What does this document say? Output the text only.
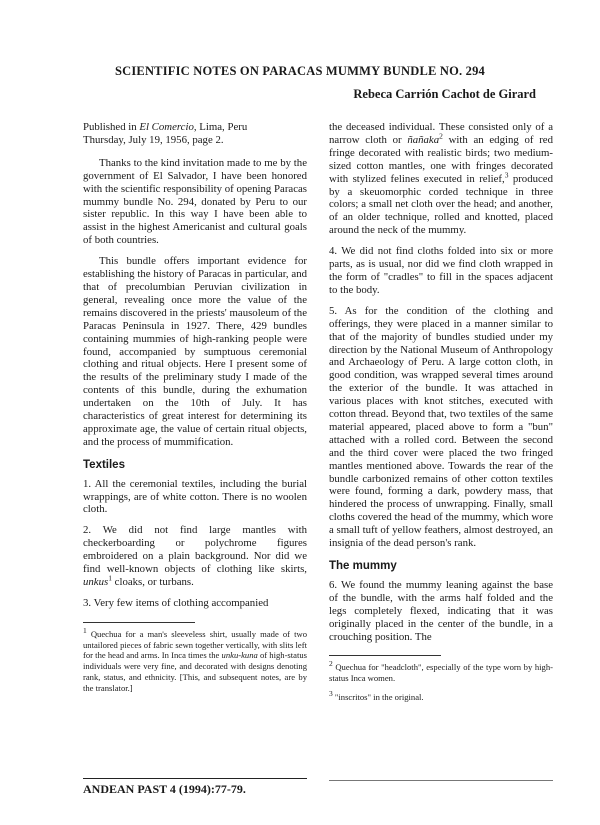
SCIENTIFIC NOTES ON PARACAS MUMMY BUNDLE NO. 294
Rebeca Carrión Cachot de Girard
Published in El Comercio, Lima, Peru
Thursday, July 19, 1956, page 2.

Thanks to the kind invitation made to me by the government of El Salvador, I have been honored with the scientific responsibility of opening Paracas mummy bundle No. 294, donated by Peru to our sister republic. In this way I have been able to assist in the highest Americanist and cultural goals of both countries.

This bundle offers important evidence for establishing the history of Paracas in particular, and that of precolumbian Peruvian civilization in general, revealing once more the value of the remains discovered in the priests' mausoleum of the Paracas Peninsula in 1927. There, 429 bundles containing mummies of high-ranking people were found, accompanied by sumptuous ceremonial clothing and ritual objects. Here I present some of the results of the preliminary study I made of the contents of this bundle, during the exhumation undertaken on the 10th of July. It has characteristics of great interest for determining its approximate age, the value of certain ritual objects, and the process of mummification.

Textiles

1. All the ceremonial textiles, including the burial wrappings, are of white cotton. There is no woolen cloth.

2. We did not find large mantles with checkerboarding or polychrome figures embroidered on a plain background. Nor did we find well-known objects of clothing like skirts, unkus$^1$ cloaks, or turbans.

3. Very few items of clothing accompanied

$^1$ Quechua for a man's sleeveless shirt, usually made of two untailored pieces of fabric sewn together vertically, with slits left for the head and arms. In Inca times the unku-kuna of high-status individuals were very fine, and decorated with designs denoting rank, status, and ethnicity. [This, and subsequent notes, are by the translator.]

ANDEAN PAST 4 (1994):77-79.

the deceased individual. These consisted only of a narrow cloth or ñañaka$^2$ with an edging of red fringe decorated with realistic birds; two medium-sized cotton mantles, one with fringes decorated with stylized felines executed in relief,$^3$ produced by a skeuomorphic corded technique in three colors; a small net cloth over the head; and another, of an older technique, rolled and knotted, placed around the neck of the mummy.

4. We did not find cloths folded into six or more parts, as is usual, nor did we find cloth wrapped in the form of "cradles" to fill in the spaces adjacent to the body.

5. As for the condition of the clothing and offerings, they were placed in a manner similar to that of the majority of bundles studied under my direction by the National Museum of Anthropology and Archaeology of Peru. A large cotton cloth, in good condition, was wrapped several times around the exterior of the bundle. It was attached in various places with knot stitches, executed with cotton thread. Beyond that, two textiles of the same material appeared, placed above to form a "bun" attached with a rolled cord. Between the second and the third cover were placed the two fringed mantles mentioned above. Towards the rear of the bundle carbonized remains of other cotton textiles were found, forming a dark, powdery mass, that hindered the process of unwrapping. Finally, small cloths covered the head of the mummy, which wore a small tuft of yellow feathers, almost destroyed, an insignia of the dead person's rank.

The mummy

6. We found the mummy leaning against the base of the bundle, with the arms half folded and the legs completely flexed, indicating that it was originally placed in the center of the bundle, in a crouching position. The

$^2$ Quechua for "headcloth", especially of the type worn by high-status Inca women.

$^3$ "inscritos" in the original.
